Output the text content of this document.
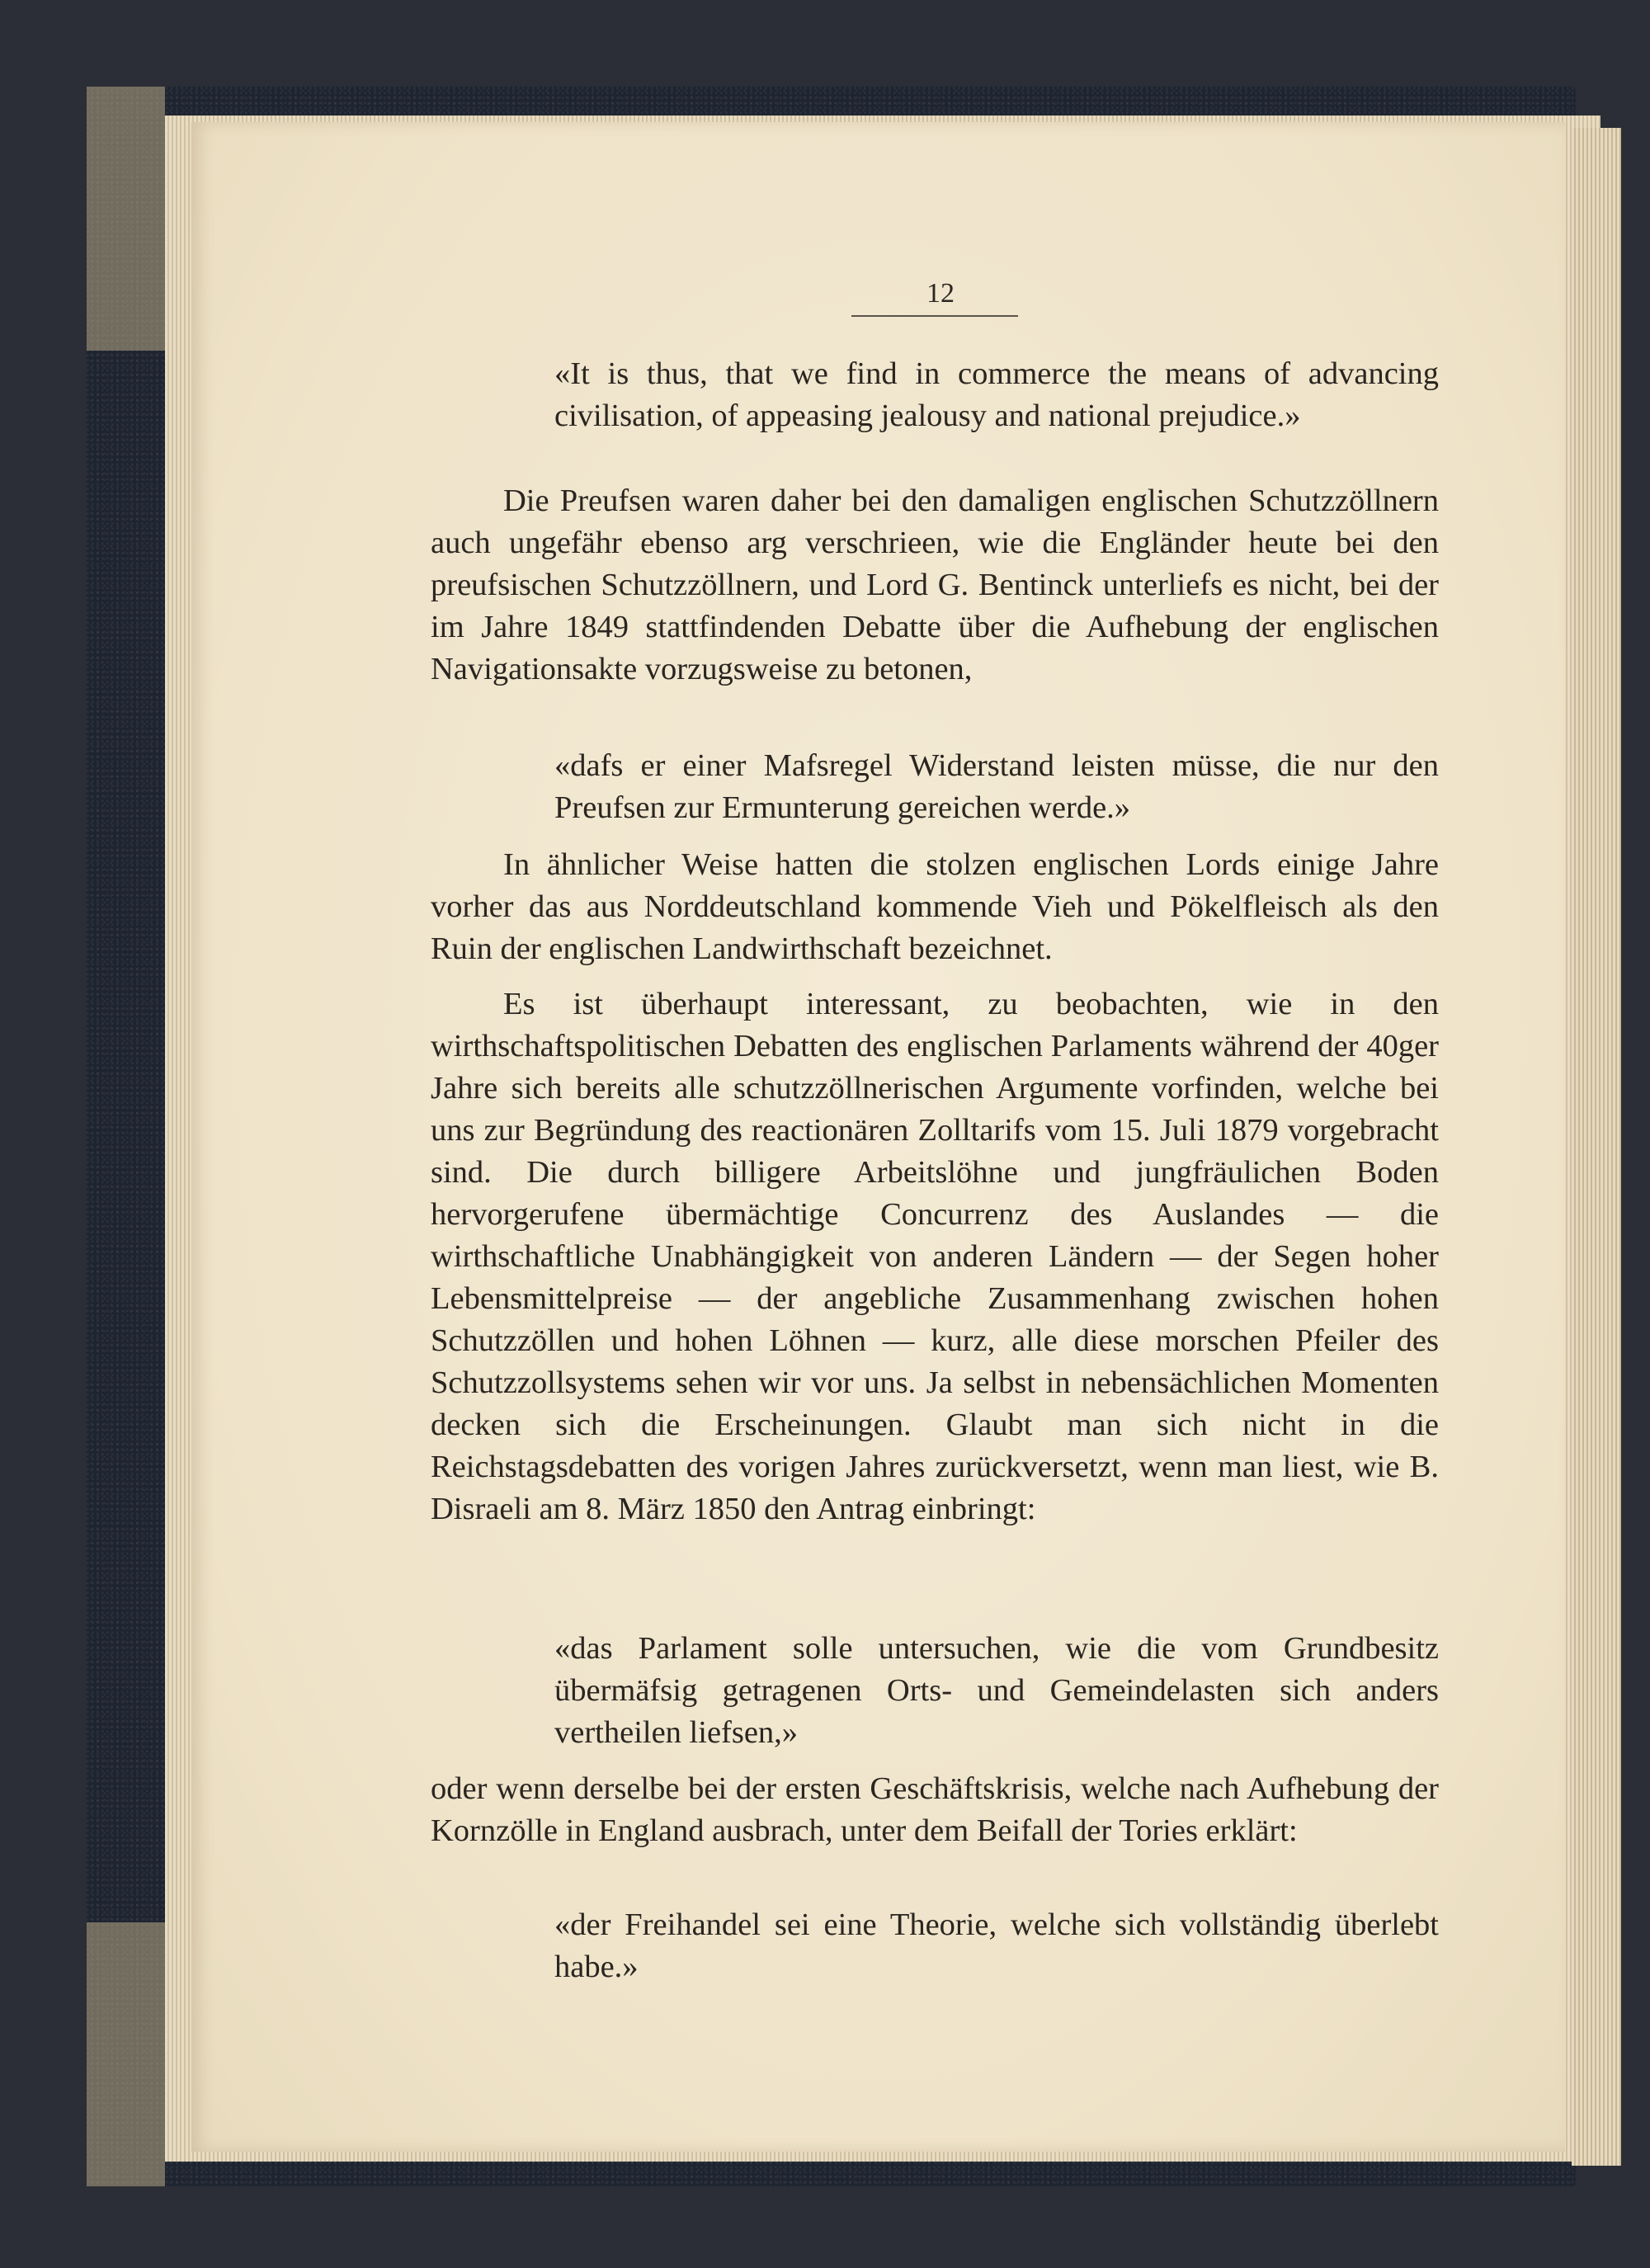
12

«It is thus, that we find in commerce the means of advancing civilisation, of appeasing jealousy and national prejudice.»

Die Preufsen waren daher bei den damaligen englischen Schutzzöllnern auch ungefähr ebenso arg verschrieen, wie die Engländer heute bei den preufsischen Schutzzöllnern, und Lord G. Bentinck unterliefs es nicht, bei der im Jahre 1849 stattfindenden Debatte über die Aufhebung der englischen Navigationsakte vorzugsweise zu betonen,

«dafs er einer Mafsregel Widerstand leisten müsse, die nur den Preufsen zur Ermunterung gereichen werde.»

In ähnlicher Weise hatten die stolzen englischen Lords einige Jahre vorher das aus Norddeutschland kommende Vieh und Pökelfleisch als den Ruin der englischen Landwirthschaft bezeichnet.

Es ist überhaupt interessant, zu beobachten, wie in den wirthschaftspolitischen Debatten des englischen Parlaments während der 40ger Jahre sich bereits alle schutzzöllnerischen Argumente vorfinden, welche bei uns zur Begründung des reactionären Zolltarifs vom 15. Juli 1879 vorgebracht sind. Die durch billigere Arbeitslöhne und jungfräulichen Boden hervorgerufene übermächtige Concurrenz des Auslandes — die wirthschaftliche Unabhängigkeit von anderen Ländern — der Segen hoher Lebensmittelpreise — der angebliche Zusammenhang zwischen hohen Schutzzöllen und hohen Löhnen — kurz, alle diese morschen Pfeiler des Schutzzollsystems sehen wir vor uns. Ja selbst in nebensächlichen Momenten decken sich die Erscheinungen. Glaubt man sich nicht in die Reichstagsdebatten des vorigen Jahres zurückversetzt, wenn man liest, wie B. Disraeli am 8. März 1850 den Antrag einbringt:

«das Parlament solle untersuchen, wie die vom Grundbesitz übermäfsig getragenen Orts- und Gemeindelasten sich anders vertheilen liefsen,»

oder wenn derselbe bei der ersten Geschäftskrisis, welche nach Aufhebung der Kornzölle in England ausbrach, unter dem Beifall der Tories erklärt:

«der Freihandel sei eine Theorie, welche sich vollständig überlebt habe.»
